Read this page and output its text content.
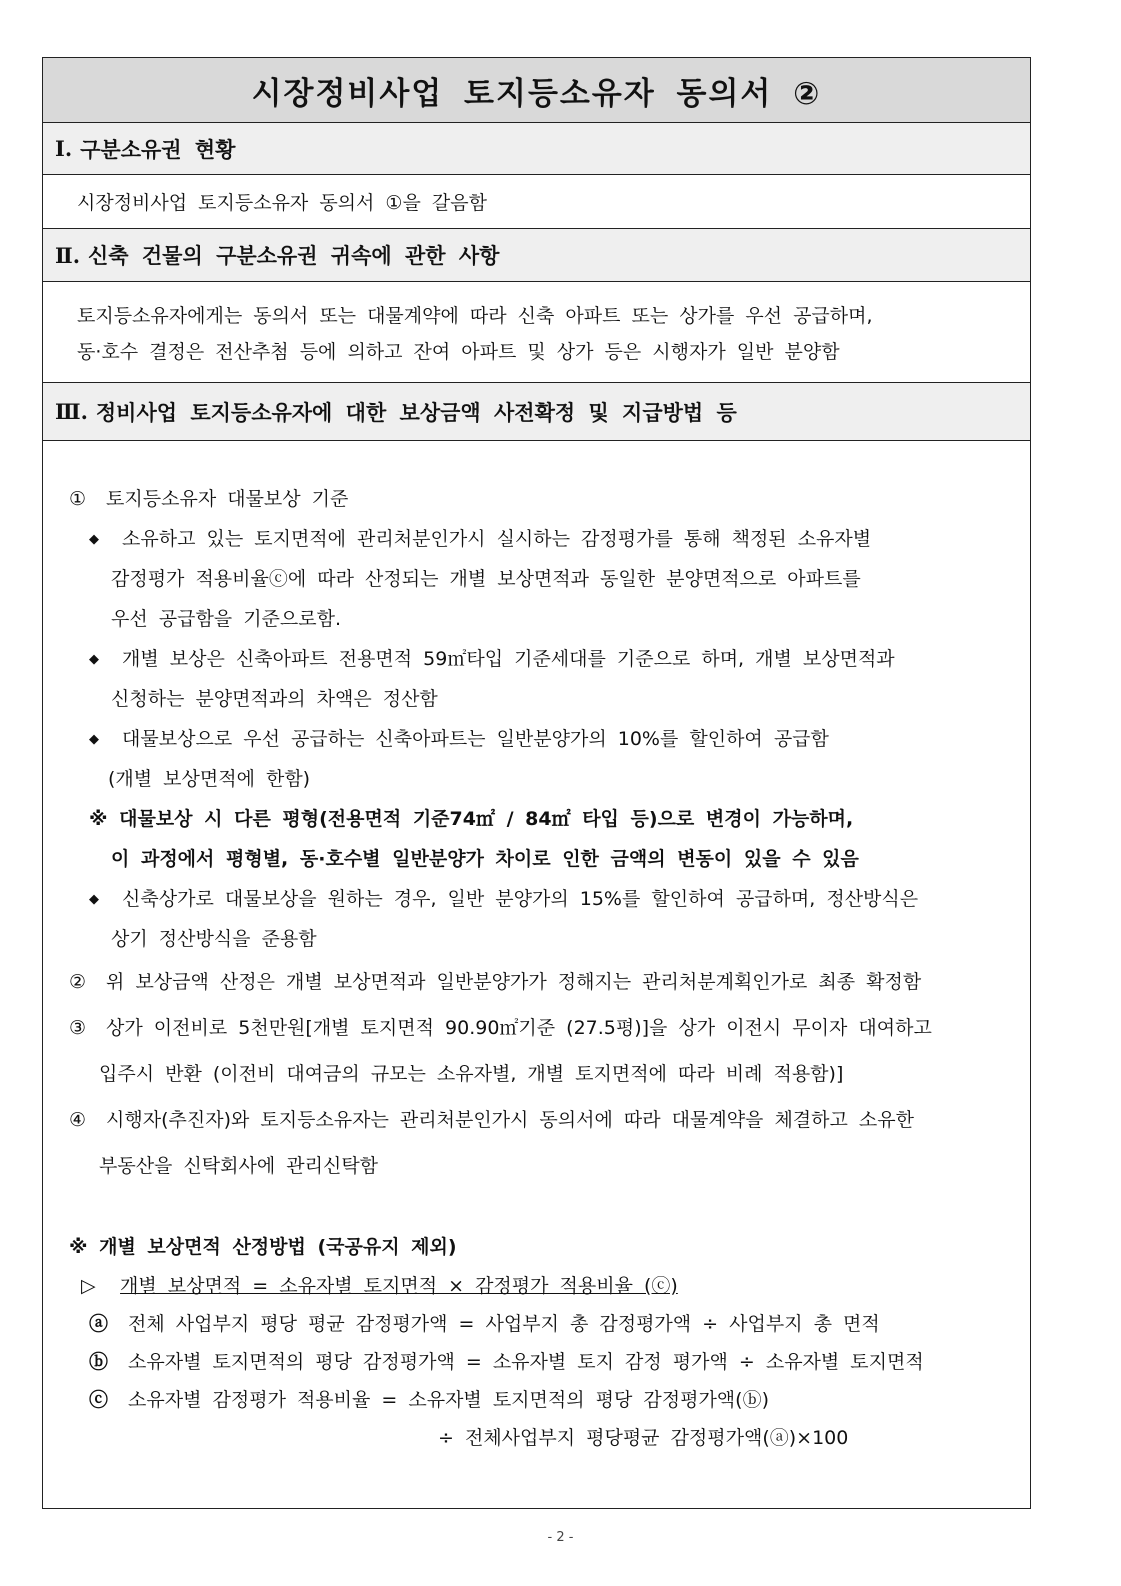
시장정비사업 토지등소유자 동의서 ②
Ⅰ. 구분소유권 현황
시장정비사업 토지등소유자 동의서 ①을 갈음함
Ⅱ. 신축 건물의 구분소유권 귀속에 관한 사항
토지등소유자에게는 동의서 또는 대물계약에 따라 신축 아파트 또는 상가를 우선 공급하며,
동·호수 결정은 전산추첨 등에 의하고 잔여 아파트 및 상가 등은 시행자가 일반 분양함
Ⅲ. 정비사업 토지등소유자에 대한 보상금액 사전확정 및 지급방법 등
① 토지등소유자 대물보상 기준
◆ 소유하고 있는 토지면적에 관리처분인가시 실시하는 감정평가를 통해 책정된 소유자별
감정평가 적용비율ⓒ에 따라 산정되는 개별 보상면적과 동일한 분양면적으로 아파트를
우선 공급함을 기준으로함.
◆ 개별 보상은 신축아파트 전용면적 59㎡타입 기준세대를 기준으로 하며, 개별 보상면적과
신청하는 분양면적과의 차액은 정산함
◆ 대물보상으로 우선 공급하는 신축아파트는 일반분양가의 10%를 할인하여 공급함
(개별 보상면적에 한함)
※ 대물보상 시 다른 평형(전용면적 기준74㎡ / 84㎡ 타입 등)으로 변경이 가능하며,
이 과정에서 평형별, 동·호수별 일반분양가 차이로 인한 금액의 변동이 있을 수 있음
◆ 신축상가로 대물보상을 원하는 경우, 일반 분양가의 15%를 할인하여 공급하며, 정산방식은
상기 정산방식을 준용함
② 위 보상금액 산정은 개별 보상면적과 일반분양가가 정해지는 관리처분계획인가로 최종 확정함
③ 상가 이전비로 5천만원[개별 토지면적 90.90㎡기준 (27.5평)]을 상가 이전시 무이자 대여하고
입주시 반환 (이전비 대여금의 규모는 소유자별, 개별 토지면적에 따라 비례 적용함)]
④ 시행자(추진자)와 토지등소유자는 관리처분인가시 동의서에 따라 대물계약을 체결하고 소유한
부동산을 신탁회사에 관리신탁함
※ 개별 보상면적 산정방법 (국공유지 제외)
▷ 개별 보상면적 = 소유자별 토지면적 × 감정평가 적용비율 (ⓒ)
ⓐ 전체 사업부지 평당 평균 감정평가액 = 사업부지 총 감정평가액 ÷ 사업부지 총 면적
ⓑ 소유자별 토지면적의 평당 감정평가액 = 소유자별 토지 감정 평가액 ÷ 소유자별 토지면적
ⓒ 소유자별 감정평가 적용비율 = 소유자별 토지면적의 평당 감정평가액(ⓑ)
÷ 전체사업부지 평당평균 감정평가액(ⓐ)×100
- 2 -
